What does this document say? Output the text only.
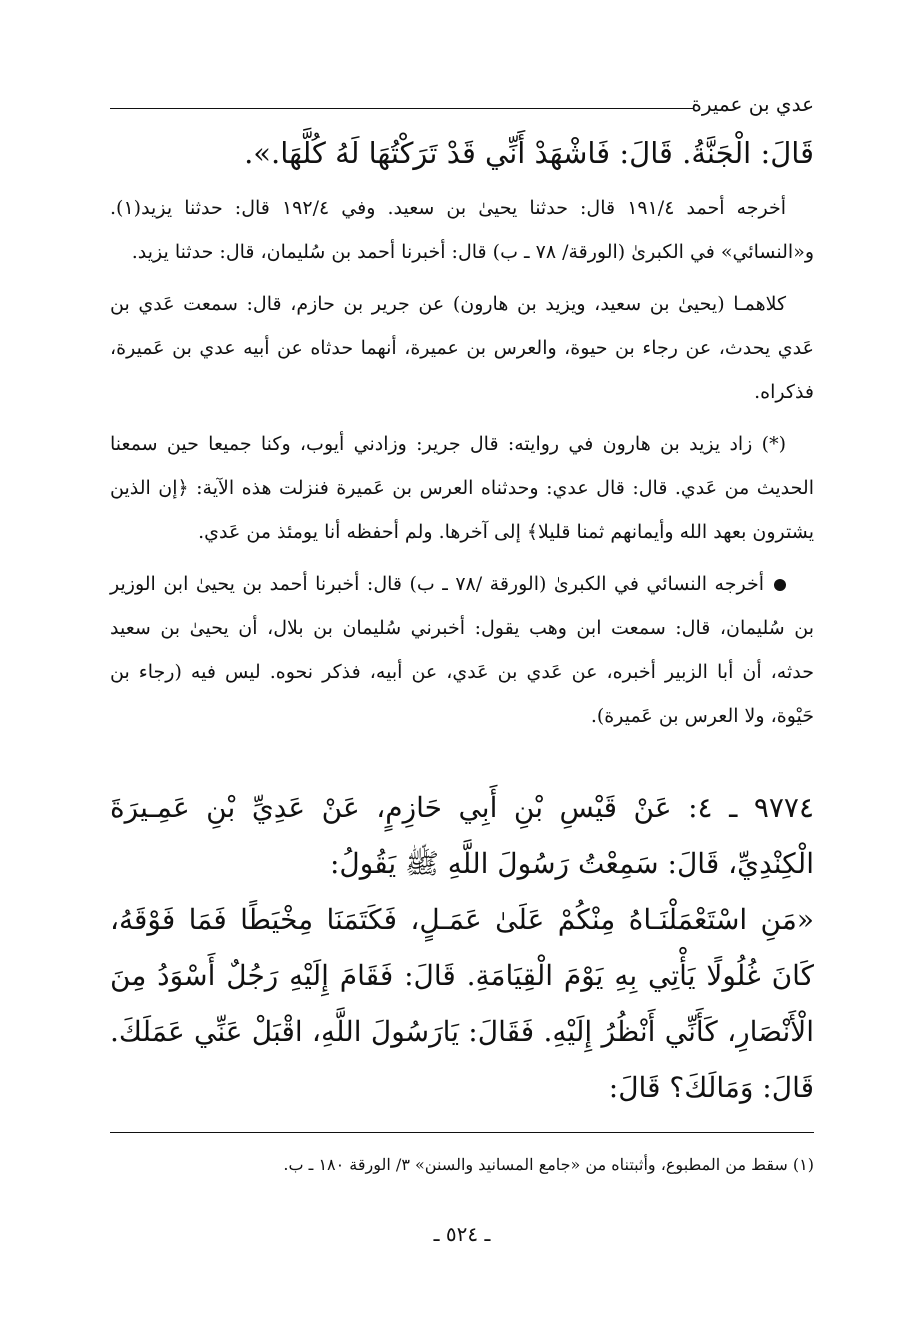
عدي بن عميرة

قَالَ: الْجَنَّةُ. قَالَ: فَاشْهَدْ أَنِّي قَدْ تَرَكْتُهَا لَهُ كُلَّهَا.».

أخرجه أحمد ١٩١/٤ قال: حدثنا يحيىٰ بن سعيد. وفي ١٩٢/٤ قال: حدثنا يزيد(١). و«النسائي» في الكبرىٰ (الورقة/ ٧٨ ـ ب) قال: أخبرنا أحمد بن سُليمان، قال: حدثنا يزيد.

كلاهمـا (يحيىٰ بن سعيد، ويزيد بن هارون) عن جرير بن حازم، قال: سمعت عَدي بن عَدي يحدث، عن رجاء بن حيوة، والعرس بن عميرة، أنهما حدثاه عن أبيه عدي بن عَميرة، فذكراه.

(*) زاد يزيد بن هارون في روايته: قال جرير: وزادني أيوب، وكنا جميعا حين سمعنا الحديث من عَدي. قال: قال عدي: وحدثناه العرس بن عَميرة فنزلت هذه الآية: ﴿إن الذين يشترون بعهد الله وأيمانهم ثمنا قليلا﴾ إلى آخرها. ولم أحفظه أنا يومئذ من عَدي.

أخرجه النسائي في الكبرىٰ (الورقة /٧٨ ـ ب) قال: أخبرنا أحمد بن يحيىٰ ابن الوزير بن سُليمان، قال: سمعت ابن وهب يقول: أخبرني سُليمان بن بلال، أن يحيىٰ بن سعيد حدثه، أن أبا الزبير أخبره، عن عَدي بن عَدي، عن أبيه، فذكر نحوه. ليس فيه (رجاء بن حَيْوة، ولا العرس بن عَميرة).

٩٧٧٤ ـ ٤: عَنْ قَيْسِ بْنِ أَبِي حَازِمٍ، عَنْ عَدِيِّ بْنِ عَمِـيرَةَ الْكِنْدِيِّ، قَالَ: سَمِعْتُ رَسُولَ اللَّهِ ﷺ يَقُولُ:

«مَنِ اسْتَعْمَلْنَـاهُ مِنْكُمْ عَلَىٰ عَمَـلٍ، فَكَتَمَنَا مِخْيَطًا فَمَا فَوْقَهُ، كَانَ غُلُولًا يَأْتِي بِهِ يَوْمَ الْقِيَامَةِ. قَالَ: فَقَامَ إِلَيْهِ رَجُلٌ أَسْوَدُ مِنَ الْأَنْصَارِ، كَأَنِّي أَنْظُرُ إِلَيْهِ. فَقَالَ: يَارَسُولَ اللَّهِ، اقْبَلْ عَنِّي عَمَلَكَ. قَالَ: وَمَالَكَ؟ قَالَ:

(١) سقط من المطبوع، وأثبتناه من «جامع المسانيد والسنن» ٣/ الورقة ١٨٠ ـ ب.
ـ ٥٢٤ ـ
